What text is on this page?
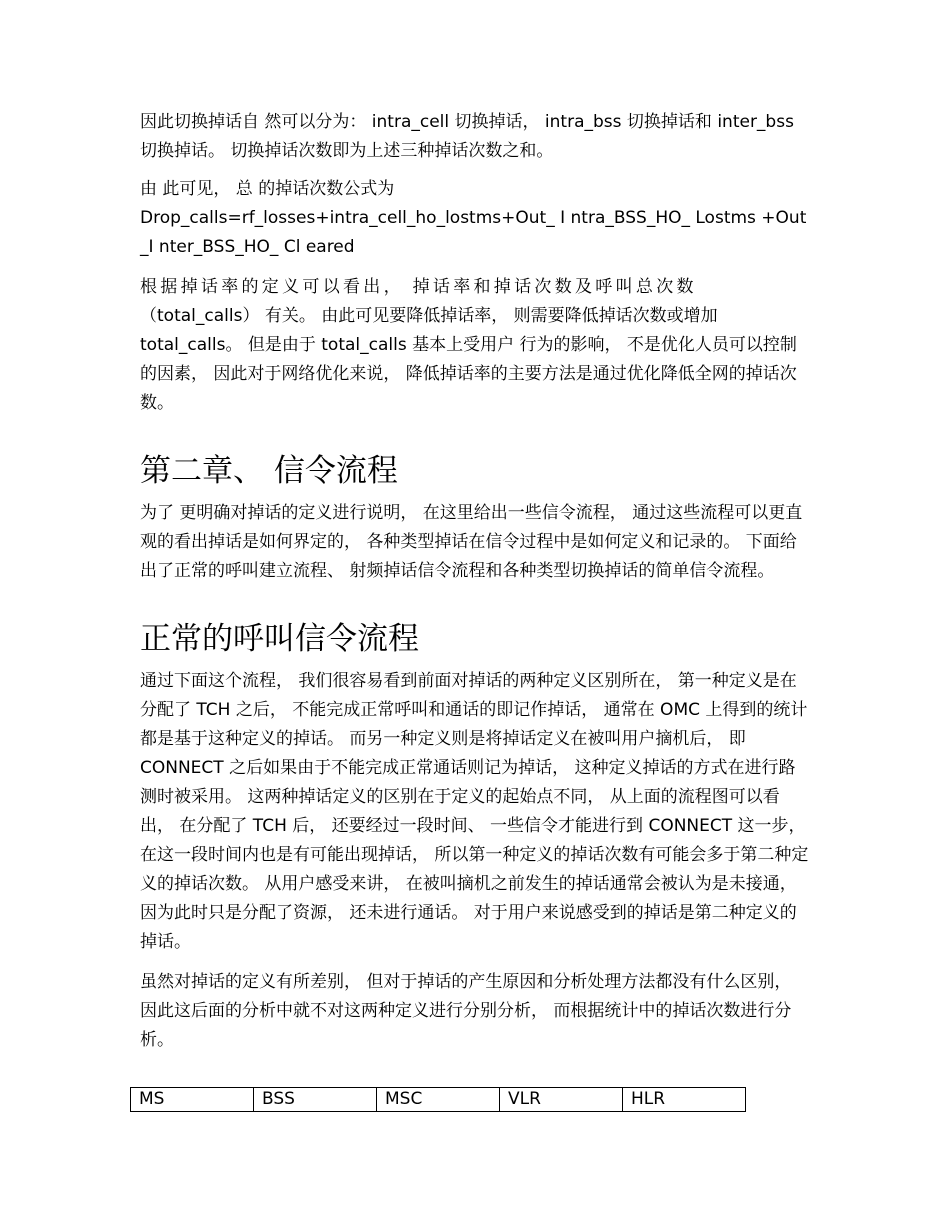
因此切换掉话自 然可以分为： intra_cell 切换掉话， intra_bss 切换掉话和 inter_bss 切换掉话。 切换掉话次数即为上述三种掉话次数之和。

由 此可见， 总 的掉话次数公式为
Drop_calls=rf_losses+intra_cell_ho_lostms+Out_ I ntra_BSS_HO_ Lostms +Out_I nter_BSS_HO_ Cl eared

根据掉话率的定义可以看出， 掉话率和掉话次数及呼叫总次数
（total_calls） 有关。 由此可见要降低掉话率， 则需要降低掉话次数或增加 total_calls。 但是由于 total_calls 基本上受用户 行为的影响， 不是优化人员可以控制的因素， 因此对于网络优化来说， 降低掉话率的主要方法是通过优化降低全网的掉话次数。

第二章、 信令流程

为了 更明确对掉话的定义进行说明， 在这里给出一些信令流程， 通过这些流程可以更直观的看出掉话是如何界定的， 各种类型掉话在信令过程中是如何定义和记录的。 下面给出了正常的呼叫建立流程、 射频掉话信令流程和各种类型切换掉话的简单信令流程。

正常的呼叫信令流程

通过下面这个流程， 我们很容易看到前面对掉话的两种定义区别所在， 第一种定义是在分配了 TCH 之后， 不能完成正常呼叫和通话的即记作掉话， 通常在 OMC 上得到的统计都是基于这种定义的掉话。 而另一种定义则是将掉话定义在被叫用户摘机后， 即 CONNECT 之后如果由于不能完成正常通话则记为掉话， 这种定义掉话的方式在进行路测时被采用。 这两种掉话定义的区别在于定义的起始点不同， 从上面的流程图可以看出， 在分配了 TCH 后， 还要经过一段时间、 一些信令才能进行到 CONNECT 这一步， 在这一段时间内也是有可能出现掉话， 所以第一种定义的掉话次数有可能会多于第二种定义的掉话次数。 从用户感受来讲， 在被叫摘机之前发生的掉话通常会被认为是未接通， 因为此时只是分配了资源， 还未进行通话。 对于用户来说感受到的掉话是第二种定义的掉话。

虽然对掉话的定义有所差别， 但对于掉话的产生原因和分析处理方法都没有什么区别， 因此这后面的分析中就不对这两种定义进行分别分析， 而根据统计中的掉话次数进行分析。

MS	BSS	MSC	VLR	HLR
